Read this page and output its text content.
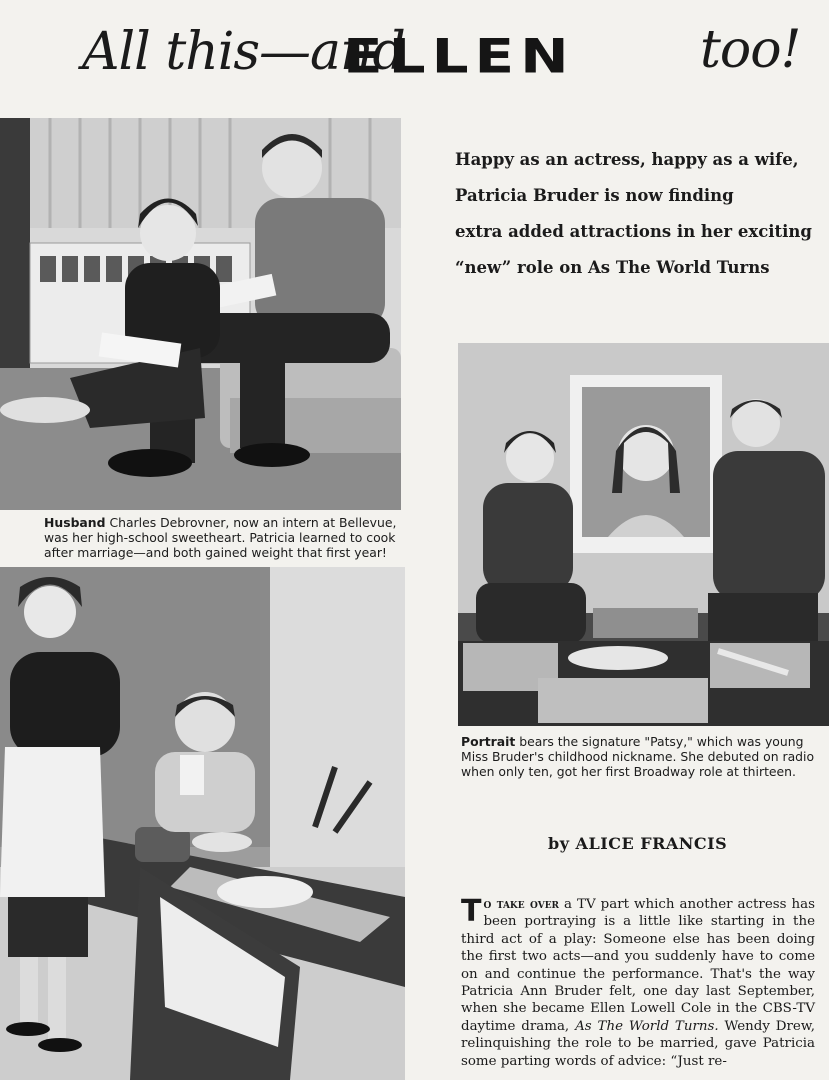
All this—and
ELLEN too!
Husband Charles Debrovner, now an intern at Bellevue,
was her high-school sweetheart. Patricia learned to cook
after marriage—and both gained weight that first year!
Happy as an actress, happy as a wife,
Patricia Bruder is now finding
extra added attractions in her exciting
“new” role on As The World Turns
Portrait bears the signature "Patsy," which was young
Miss Bruder's childhood nickname. She debuted on radio
when only ten, got her first Broadway role at thirteen.
by ALICE FRANCIS
To take over a TV part which another actress has been portraying is a little like starting in the third act of a play: Someone else has been doing the first two acts—and you suddenly have to come on and continue the performance. That's the way Patricia Ann Bruder felt, one day last September, when she became Ellen Lowell Cole in the CBS-TV daytime drama, As The World Turns. Wendy Drew, relinquishing the role to be married, gave Patricia some parting words of advice: “Just re-
